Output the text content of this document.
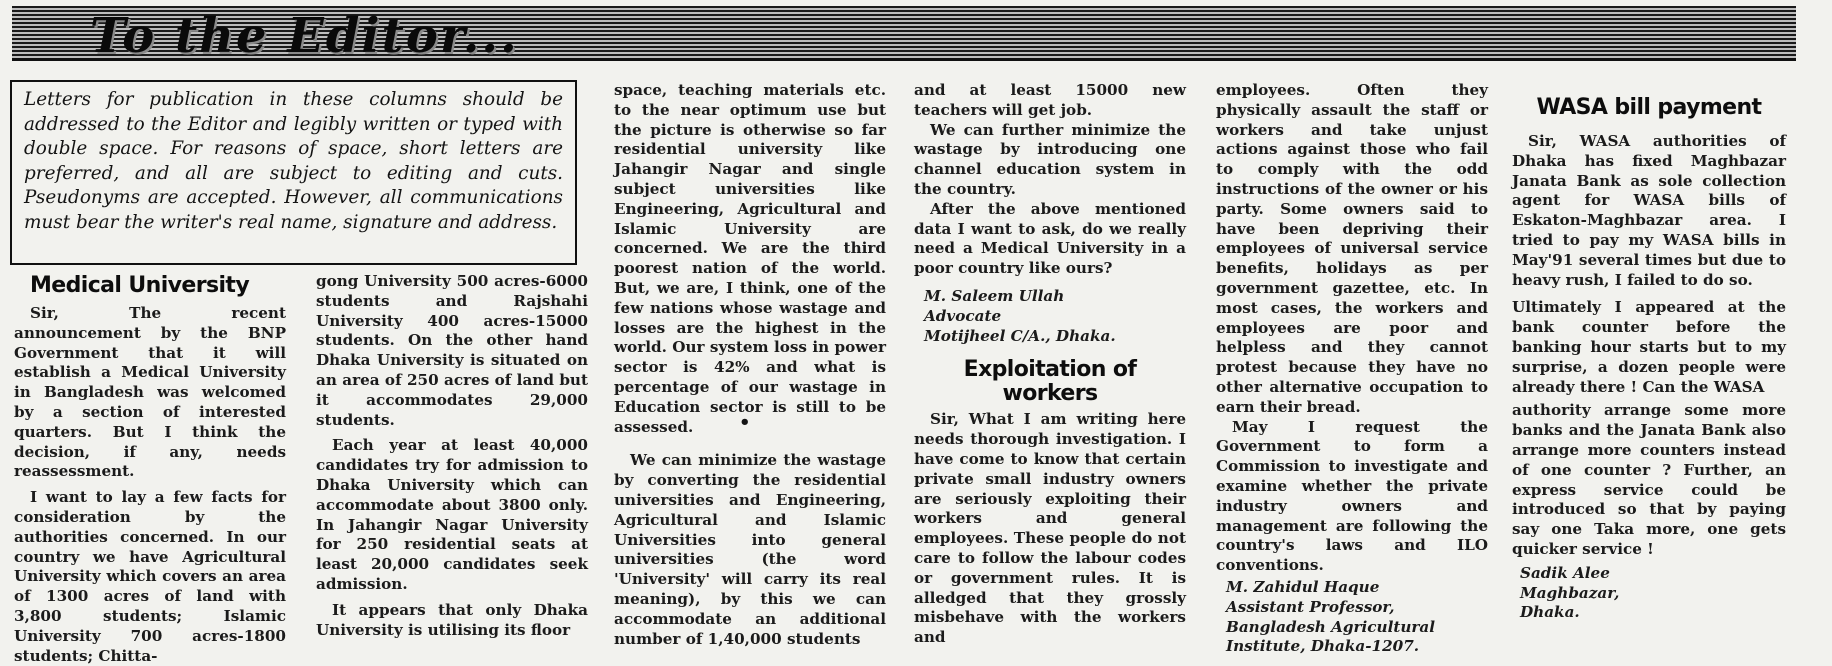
To the Editor...
Letters for publication in these columns should be addressed to the Editor and legibly written or typed with double space. For reasons of space, short letters are preferred, and all are subject to editing and cuts. Pseudonyms are accepted. However, all communications must bear the writer's real name, signature and address.
Medical University

Sir, The recent announcement by the BNP Government that it will establish a Medical University in Bangladesh was welcomed by a section of interested quarters. But I think the decision, if any, needs reassessment.

I want to lay a few facts for consideration by the authorities concerned. In our country we have Agricultural University which covers an area of 1300 acres of land with 3,800 students; Islamic University 700 acres-1800 students; Chitta-

gong University 500 acres-6000 students and Rajshahi University 400 acres-15000 students. On the other hand Dhaka University is situated on an area of 250 acres of land but it accommodates 29,000 students.

Each year at least 40,000 candidates try for admission to Dhaka University which can accommodate about 3800 only. In Jahangir Nagar University for 250 residential seats at least 20,000 candidates seek admission.

It appears that only Dhaka University is utilising its floor

space, teaching materials etc. to the near optimum use but the picture is otherwise so far residential university like Jahangir Nagar and single subject universities like Engineering, Agricultural and Islamic University are concerned. We are the third poorest nation of the world. But, we are, I think, one of the few nations whose wastage and losses are the highest in the world. Our system loss in power sector is 42% and what is percentage of our wastage in Education sector is still to be assessed.

We can minimize the wastage by converting the residential universities and Engineering, Agricultural and Islamic Universities into general universities (the word 'University' will carry its real meaning), by this we can accommodate an additional number of 1,40,000 students

•

and at least 15000 new teachers will get job.

We can further minimize the wastage by introducing one channel education system in the country.

After the above mentioned data I want to ask, do we really need a Medical University in a poor country like ours?

M. Saleem Ullah
Advocate
Motijheel C/A., Dhaka.
Exploitation of workers

Sir, What I am writing here needs thorough investigation. I have come to know that certain private small industry owners are seriously exploiting their workers and general employees. These people do not care to follow the labour codes or government rules. It is alledged that they grossly misbehave with the workers and

employees. Often they physically assault the staff or workers and take unjust actions against those who fail to comply with the odd instructions of the owner or his party. Some owners said to have been depriving their employees of universal service benefits, holidays as per government gazettee, etc. In most cases, the workers and employees are poor and helpless and they cannot protest because they have no other alternative occupation to earn their bread.

May I request the Government to form a Commission to investigate and examine whether the private industry owners and management are following the country's laws and ILO conventions.

M. Zahidul Haque
Assistant Professor,
Bangladesh Agricultural
Institute, Dhaka-1207.
WASA bill payment

Sir, WASA authorities of Dhaka has fixed Maghbazar Janata Bank as sole collection agent for WASA bills of Eskaton-Maghbazar area. I tried to pay my WASA bills in May'91 several times but due to heavy rush, I failed to do so.

Ultimately I appeared at the bank counter before the banking hour starts but to my surprise, a dozen people were already there ! Can the WASA

authority arrange some more banks and the Janata Bank also arrange more counters instead of one counter ? Further, an express service could be introduced so that by paying say one Taka more, one gets quicker service !

Sadik Alee
Maghbazar,
Dhaka.
